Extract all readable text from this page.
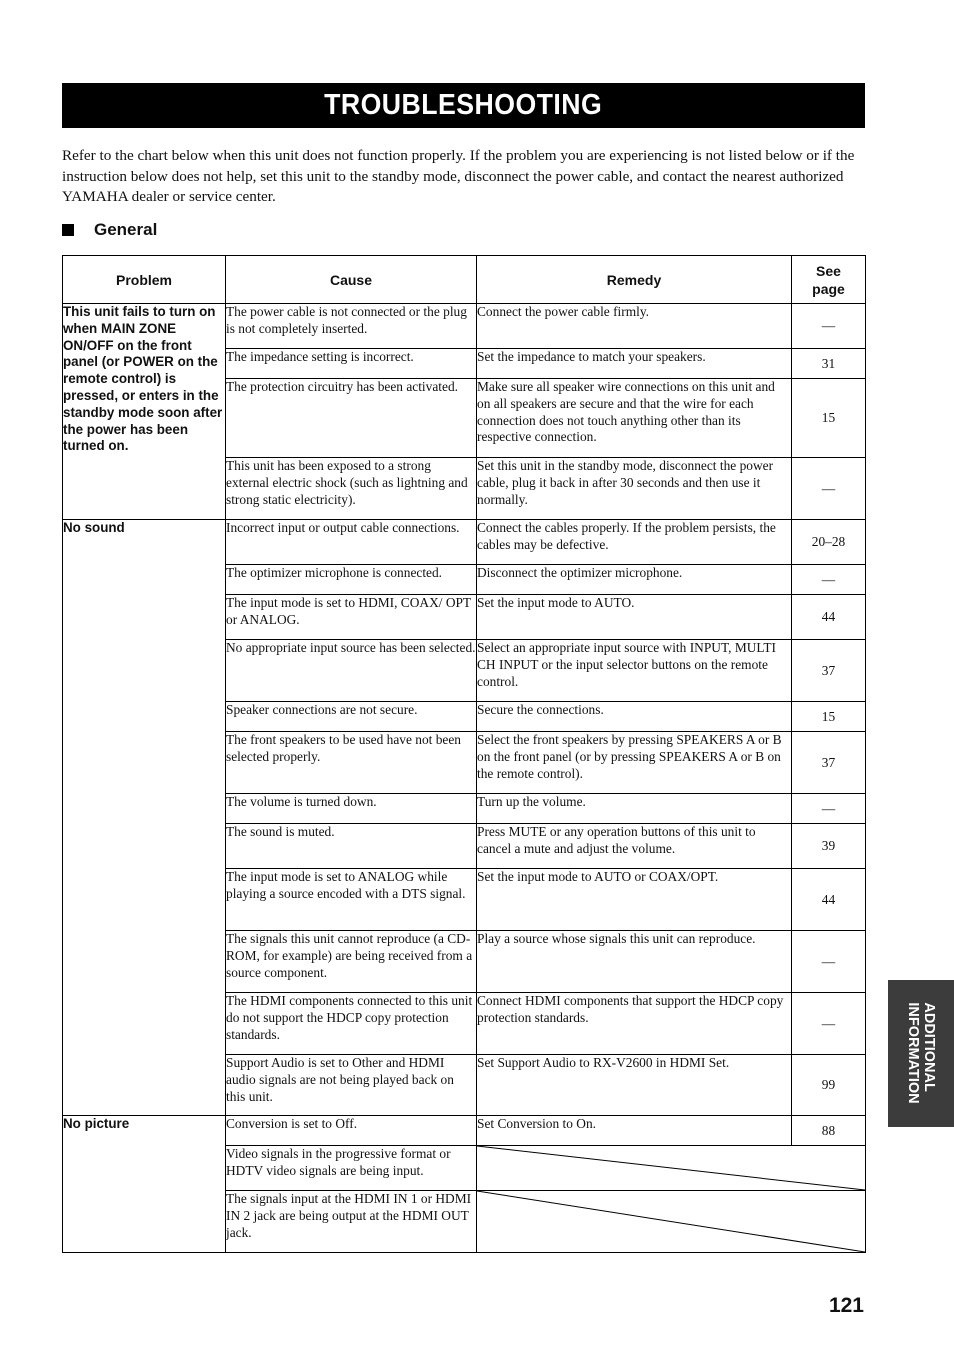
TROUBLESHOOTING

Refer to the chart below when this unit does not function properly. If the problem you are experiencing is not listed below or if the instruction below does not help, set this unit to the standby mode, disconnect the power cable, and contact the nearest authorized YAMAHA dealer or service center.

General
Problem	Cause	Remedy	See
page
This unit fails to turn on when MAIN ZONE ON/OFF on the front panel (or POWER on the remote control) is pressed, or enters in the standby mode soon after the power has been turned on.	The power cable is not connected or the plug is not completely inserted.	Connect the power cable firmly.	—
	The impedance setting is incorrect.	Set the impedance to match your speakers.	31
	The protection circuitry has been activated.	Make sure all speaker wire connections on this unit and on all speakers are secure and that the wire for each connection does not touch anything other than its respective connection.	15
	This unit has been exposed to a strong external electric shock (such as lightning and strong static electricity).	Set this unit in the standby mode, disconnect the power cable, plug it back in after 30 seconds and then use it normally.	—
No sound	Incorrect input or output cable connections.	Connect the cables properly. If the problem persists, the cables may be defective.	20–28
	The optimizer microphone is connected.	Disconnect the optimizer microphone.	—
	The input mode is set to HDMI, COAX/ OPT or ANALOG.	Set the input mode to AUTO.	44
	No appropriate input source has been selected.	Select an appropriate input source with INPUT, MULTI CH INPUT or the input selector buttons on the remote control.	37
	Speaker connections are not secure.	Secure the connections.	15
	The front speakers to be used have not been selected properly.	Select the front speakers by pressing SPEAKERS A or B on the front panel (or by pressing SPEAKERS A or B on the remote control).	37
	The volume is turned down.	Turn up the volume.	—
	The sound is muted.	Press MUTE or any operation buttons of this unit to cancel a mute and adjust the volume.	39
	The input mode is set to ANALOG while playing a source encoded with a DTS signal.	Set the input mode to AUTO or COAX/OPT.	44
	The signals this unit cannot reproduce (a CD-ROM, for example) are being received from a source component.	Play a source whose signals this unit can reproduce.	—
	The HDMI components connected to this unit do not support the HDCP copy protection standards.	Connect HDMI components that support the HDCP copy protection standards.	—
	Support Audio is set to Other and HDMI audio signals are not being played back on this unit.	Set Support Audio to RX-V2600 in HDMI Set.	99
No picture	Conversion is set to Off.	Set Conversion to On.	88
	Video signals in the progressive format or HDTV video signals are being input.	

	The signals input at the HDMI IN 1 or HDMI IN 2 jack are being output at the HDMI OUT jack.	
ADDITIONAL
INFORMATION
121
